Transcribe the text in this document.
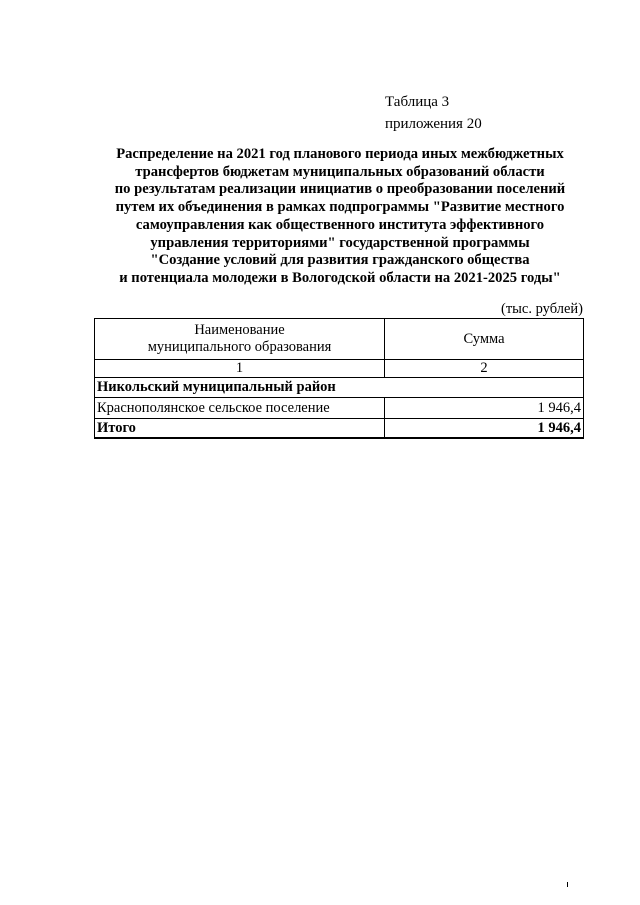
Таблица 3
приложения 20
Распределение на 2021 год планового периода иных межбюджетных
трансфертов бюджетам муниципальных образований области
по результатам реализации инициатив о преобразовании поселений
путем их объединения в рамках подпрограммы "Развитие местного
самоуправления как общественного института эффективного
управления территориями" государственной программы
"Создание условий для развития гражданского общества
и потенциала молодежи в Вологодской области на 2021-2025 годы"
(тыс. рублей)
Наименование
муниципального образования	Сумма
1	2
Никольский муниципальный район	
Краснополянское сельское поселение	1 946,4
Итого	1 946,4
